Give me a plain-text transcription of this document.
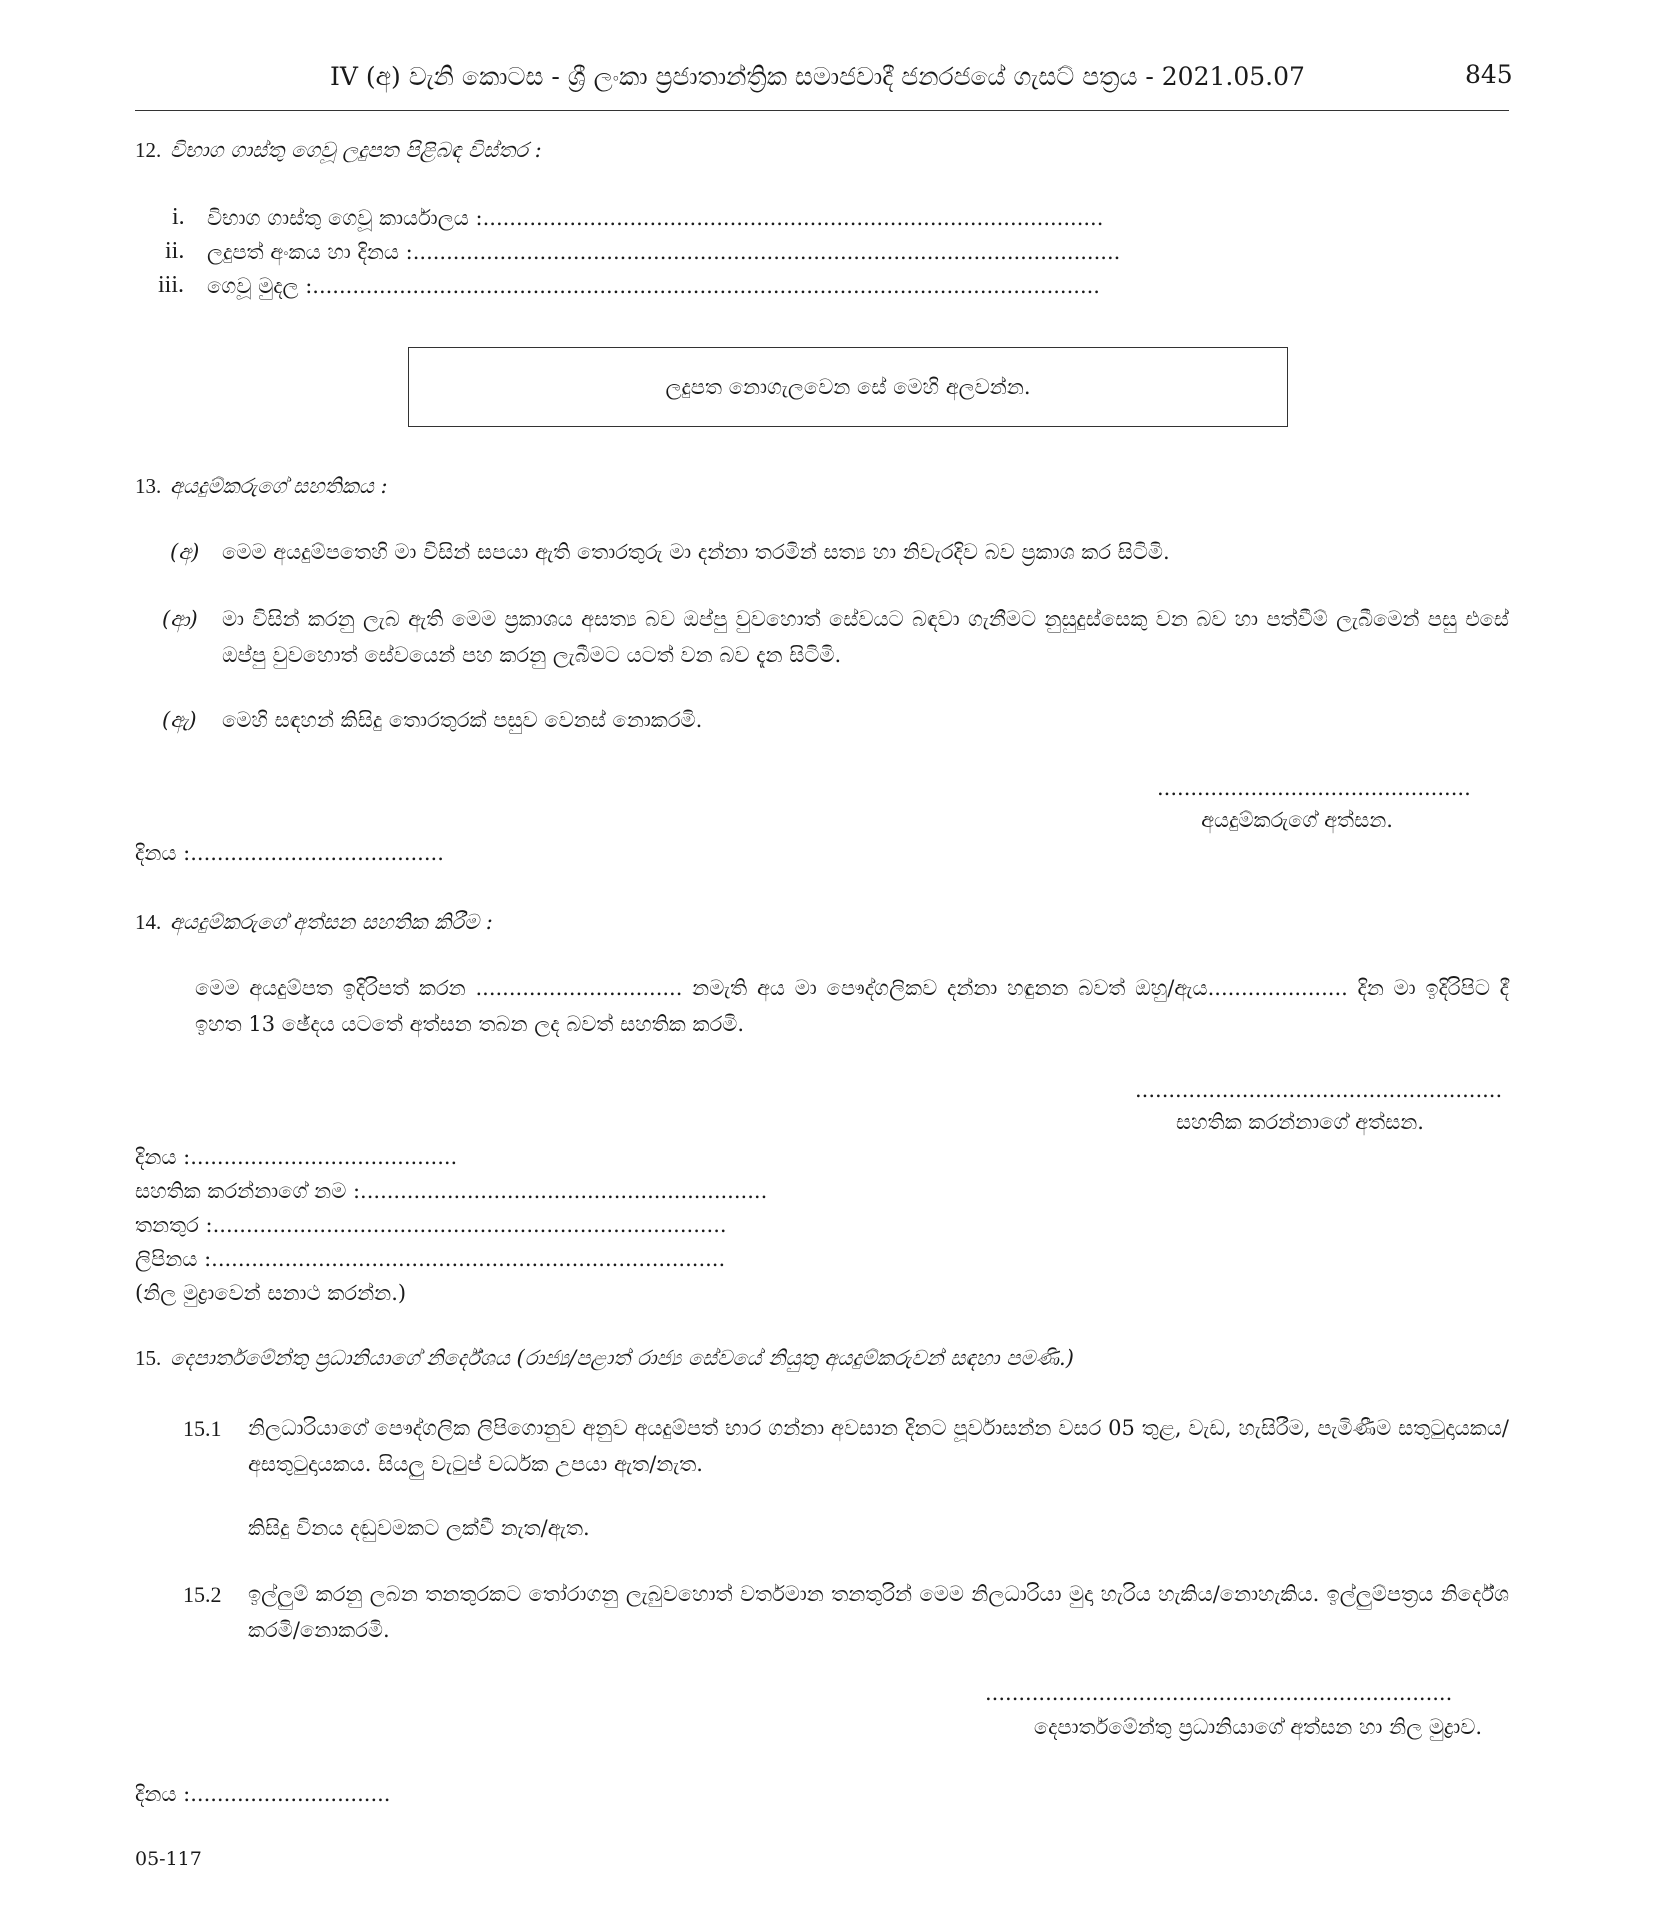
IV (අ) වැනි කොටස - ශ්‍රී ලංකා ප්‍රජාතාන්ත්‍රික සමාජවාදී ජනරජයේ ගැසට් පත්‍රය - 2021.05.07	845
12. විභාග ගාස්තු ගෙවූ ලදුපත පිළිබඳ විස්තර :
i. විභාග ගාස්තු ගෙවූ කාර්යාලය :.............................................................................................
ii. ලදුපත් අංකය හා දිනය :..........................................................................................................
iii. ගෙවූ මුදල :......................................................................................................................
ලදුපත නොගැලවෙන සේ මෙහි අලවන්න.
13. අයදුම්කරුගේ සහතිකය :
(අ) මෙම අයදුම්පතෙහි මා විසින් සපයා ඇති තොරතුරු මා දන්නා තරමින් සත්‍ය හා නිවැරදිව බව ප්‍රකාශ කර සිටිමි.
(ආ) මා විසින් කරනු ලැබ ඇති මෙම ප්‍රකාශය අසත්‍ය බව ඔප්පු වුවහොත් සේවයට බඳවා ගැනීමට නුසුදුස්සෙකු වන බව හා පත්වීම් ලැබීමෙන් පසු එසේ ඔප්පු වුවහොත් සේවයෙන් පහ කරනු ලැබීමට යටත් වන බව දැන සිටිමි.
(ඇ) මෙහි සඳහන් කිසිදු තොරතුරක් පසුව වෙනස් නොකරමි.
...............................................
අයදුම්කරුගේ අත්සන.
දිනය :......................................
14. අයදුම්කරුගේ අත්සන සහතික කිරීම :
මෙම අයදුම්පත ඉදිරිපත් කරන ............................... නමැති අය මා පෞද්ගලිකව දන්නා හඳුනන බවත් ඔහු/ඇය..................... දින මා ඉදිරිපිට දී ඉහත 13 ඡේදය යටතේ අත්සන තබන ලද බවත් සහතික කරමි.
.......................................................
සහතික කරන්නාගේ අත්සන.
දිනය :........................................
සහතික කරන්නාගේ නම :.............................................................
තනතුර :.............................................................................
ලිපිනය :.............................................................................
(නිල මුද්‍රාවෙන් සනාථ කරන්න.)
15. දෙපාර්තමේන්තු ප්‍රධානියාගේ නිර්දේශය (රාජ්‍ය/පළාත් රාජ්‍ය සේවයේ නියුතු අයදුම්කරුවන් සඳහා පමණි.)
15.1 නිලධාරියාගේ පෞද්ගලික ලිපිගොනුව අනුව අයදුම්පත් භාර ගන්නා අවසාන දිනට පූර්වාසන්න වසර 05 තුළ, වැඩ, හැසිරීම, පැමිණීම සතුටුදායකය/අසතුටුදායකය. සියලු වැටුප් වර්ධක උපයා ඇත/නැත.
කිසිදු විනය දඬුවමකට ලක්වී නැත/ඇත.
15.2 ඉල්ලුම් කරනු ලබන තනතුරකට තෝරාගනු ලැබුවහොත් වර්තමාන තනතුරින් මෙම නිලධාරියා මුදා හැරිය හැකිය/නොහැකිය. ඉල්ලුම්පත්‍රය නිර්දේශ කරමි/නොකරමි.
......................................................................
දෙපාර්තමේන්තු ප්‍රධානියාගේ අත්සන හා නිල මුද්‍රාව.
දිනය :..............................
05-117
